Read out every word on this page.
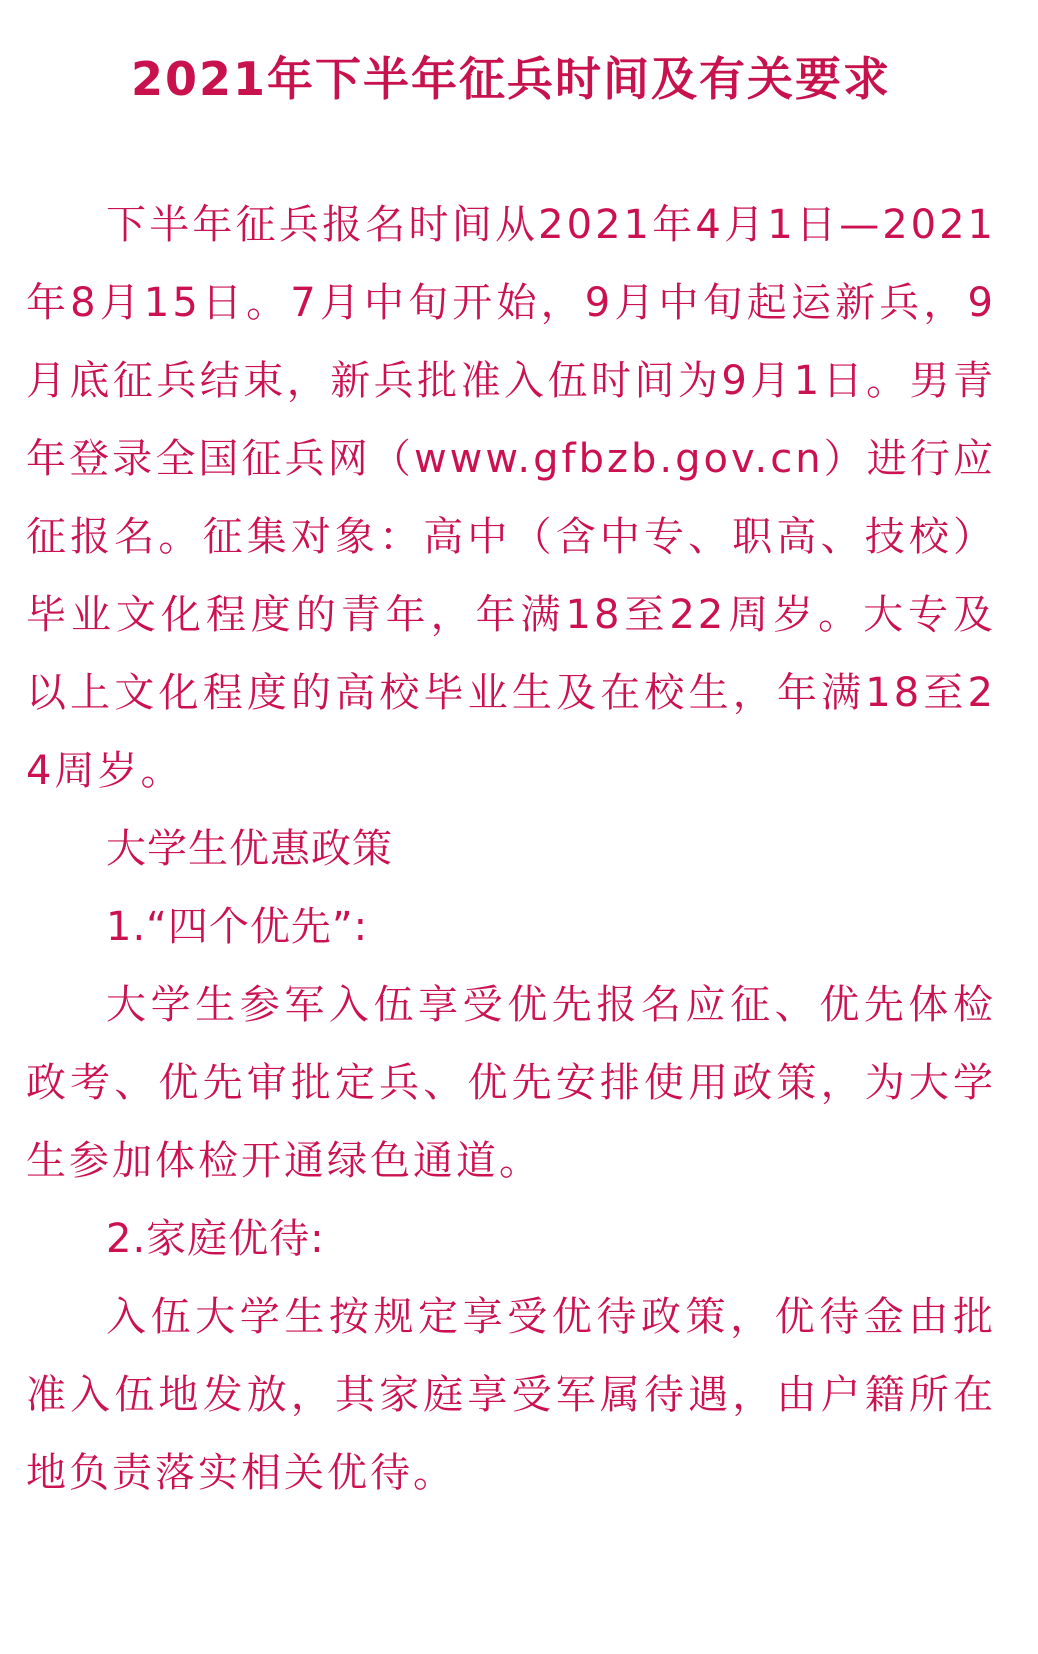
2021年下半年征兵时间及有关要求

下半年征兵报名时间从2021年4月1日—2021年8月15日。7月中旬开始，9月中旬起运新兵，9月底征兵结束，新兵批准入伍时间为9月1日。男青年登录全国征兵网（www.gfbzb.gov.cn）进行应征报名。征集对象：高中（含中专、职高、技校）毕业文化程度的青年，年满18至22周岁。大专及以上文化程度的高校毕业生及在校生，年满18至24周岁。

大学生优惠政策

1.“四个优先”:

大学生参军入伍享受优先报名应征、优先体检政考、优先审批定兵、优先安排使用政策，为大学生参加体检开通绿色通道。

2.家庭优待:

入伍大学生按规定享受优待政策，优待金由批准入伍地发放，其家庭享受军属待遇，由户籍所在地负责落实相关优待。
